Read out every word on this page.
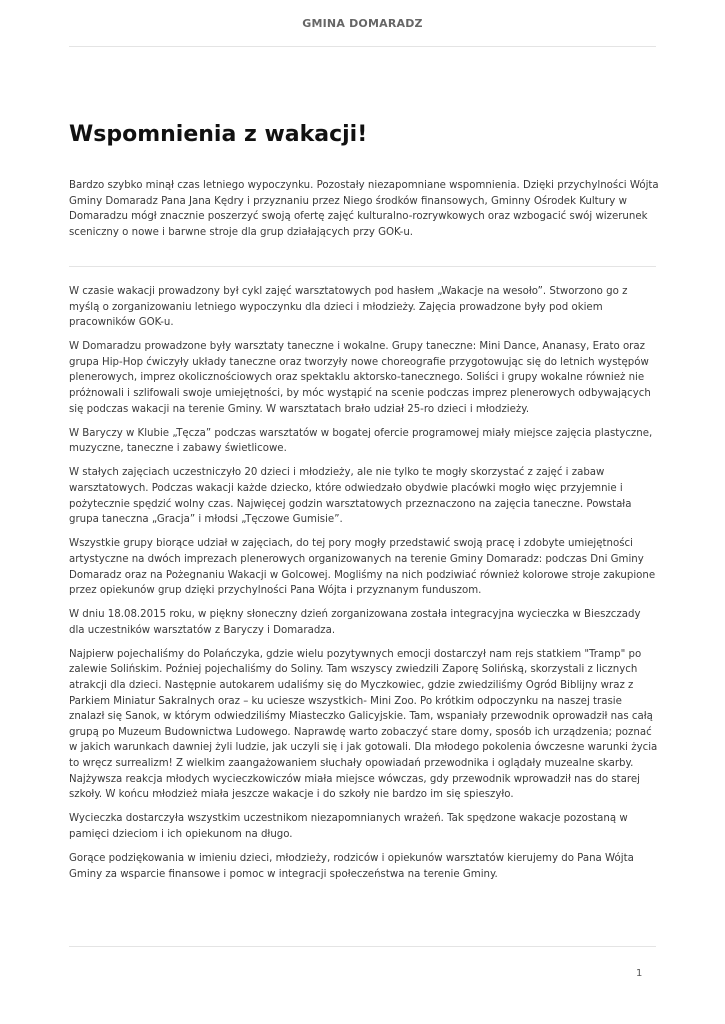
GMINA DOMARADZ
Wspomnienia z wakacji!

Bardzo szybko minął czas letniego wypoczynku. Pozostały niezapomniane wspomnienia. Dzięki przychylności Wójta Gminy Domaradz Pana Jana Kędry i przyznaniu przez Niego środków finansowych, Gminny Ośrodek Kultury w Domaradzu mógł znacznie poszerzyć swoją ofertę zajęć kulturalno-rozrywkowych oraz wzbogacić swój wizerunek sceniczny o nowe i barwne stroje dla grup działających przy GOK-u.

W czasie wakacji prowadzony był cykl zajęć warsztatowych pod hasłem „Wakacje na wesoło”. Stworzono go z myślą o zorganizowaniu letniego wypoczynku dla dzieci i młodzieży. Zajęcia prowadzone były pod okiem pracowników GOK-u.

W Domaradzu prowadzone były warsztaty taneczne i wokalne. Grupy taneczne: Mini Dance, Ananasy, Erato oraz grupa Hip-Hop ćwiczyły układy taneczne oraz tworzyły nowe choreografie przygotowując się do letnich występów plenerowych, imprez okolicznościowych oraz spektaklu aktorsko-tanecznego. Soliści i grupy wokalne również nie próżnowali i szlifowali swoje umiejętności, by móc wystąpić na scenie podczas imprez plenerowych odbywających się podczas wakacji na terenie Gminy. W warsztatach brało udział 25-ro dzieci i młodzieży.

W Baryczy w Klubie „Tęcza” podczas warsztatów w bogatej ofercie programowej miały miejsce zajęcia plastyczne, muzyczne, taneczne i zabawy świetlicowe.

W stałych zajęciach uczestniczyło 20 dzieci i młodzieży, ale nie tylko te mogły skorzystać z zajęć i zabaw warsztatowych. Podczas wakacji każde dziecko, które odwiedzało obydwie placówki mogło więc przyjemnie i pożytecznie spędzić wolny czas. Najwięcej godzin warsztatowych przeznaczono na zajęcia taneczne. Powstała grupa taneczna „Gracja” i młodsi „Tęczowe Gumisie”.

Wszystkie grupy biorące udział w zajęciach, do tej pory mogły przedstawić swoją pracę i zdobyte umiejętności artystyczne na dwóch imprezach plenerowych organizowanych na terenie Gminy Domaradz: podczas Dni Gminy Domaradz oraz na Pożegnaniu Wakacji w Golcowej. Mogliśmy na nich podziwiać również kolorowe stroje zakupione przez opiekunów grup dzięki przychylności Pana Wójta i przyznanym funduszom.

W dniu 18.08.2015 roku, w piękny słoneczny dzień zorganizowana została integracyjna wycieczka w Bieszczady dla uczestników warsztatów z Baryczy i Domaradza.

Najpierw pojechaliśmy do Polańczyka, gdzie wielu pozytywnych emocji dostarczył nam rejs statkiem "Tramp" po zalewie Solińskim. Poźniej pojechaliśmy do Soliny. Tam wszyscy zwiedzili Zaporę Solińską, skorzystali z licznych atrakcji dla dzieci. Następnie autokarem udaliśmy się do Myczkowiec, gdzie zwiedziliśmy Ogród Biblijny wraz z Parkiem Miniatur Sakralnych oraz – ku uciesze wszystkich- Mini Zoo. Po krótkim odpoczynku na naszej trasie znalazł się Sanok, w którym odwiedziliśmy Miasteczko Galicyjskie. Tam, wspaniały przewodnik oprowadził nas całą grupą po Muzeum Budownictwa Ludowego. Naprawdę warto zobaczyć stare domy, sposób ich urządzenia; poznać w jakich warunkach dawniej żyli ludzie, jak uczyli się i jak gotowali. Dla młodego pokolenia ówczesne warunki życia to wręcz surrealizm! Z wielkim zaangażowaniem słuchały opowiadań przewodnika i oglądały muzealne skarby. Najżywsza reakcja młodych wycieczkowiczów miała miejsce wówczas, gdy przewodnik wprowadził nas do starej szkoły. W końcu młodzież miała jeszcze wakacje i do szkoły nie bardzo im się spieszyło.

Wycieczka dostarczyła wszystkim uczestnikom niezapomnianych wrażeń. Tak spędzone wakacje pozostaną w pamięci dzieciom i ich opiekunom na długo.

Gorące podziękowania w imieniu dzieci, młodzieży, rodziców i opiekunów warsztatów kierujemy do Pana Wójta Gminy za wsparcie finansowe i pomoc w integracji społeczeństwa na terenie Gminy.

1
